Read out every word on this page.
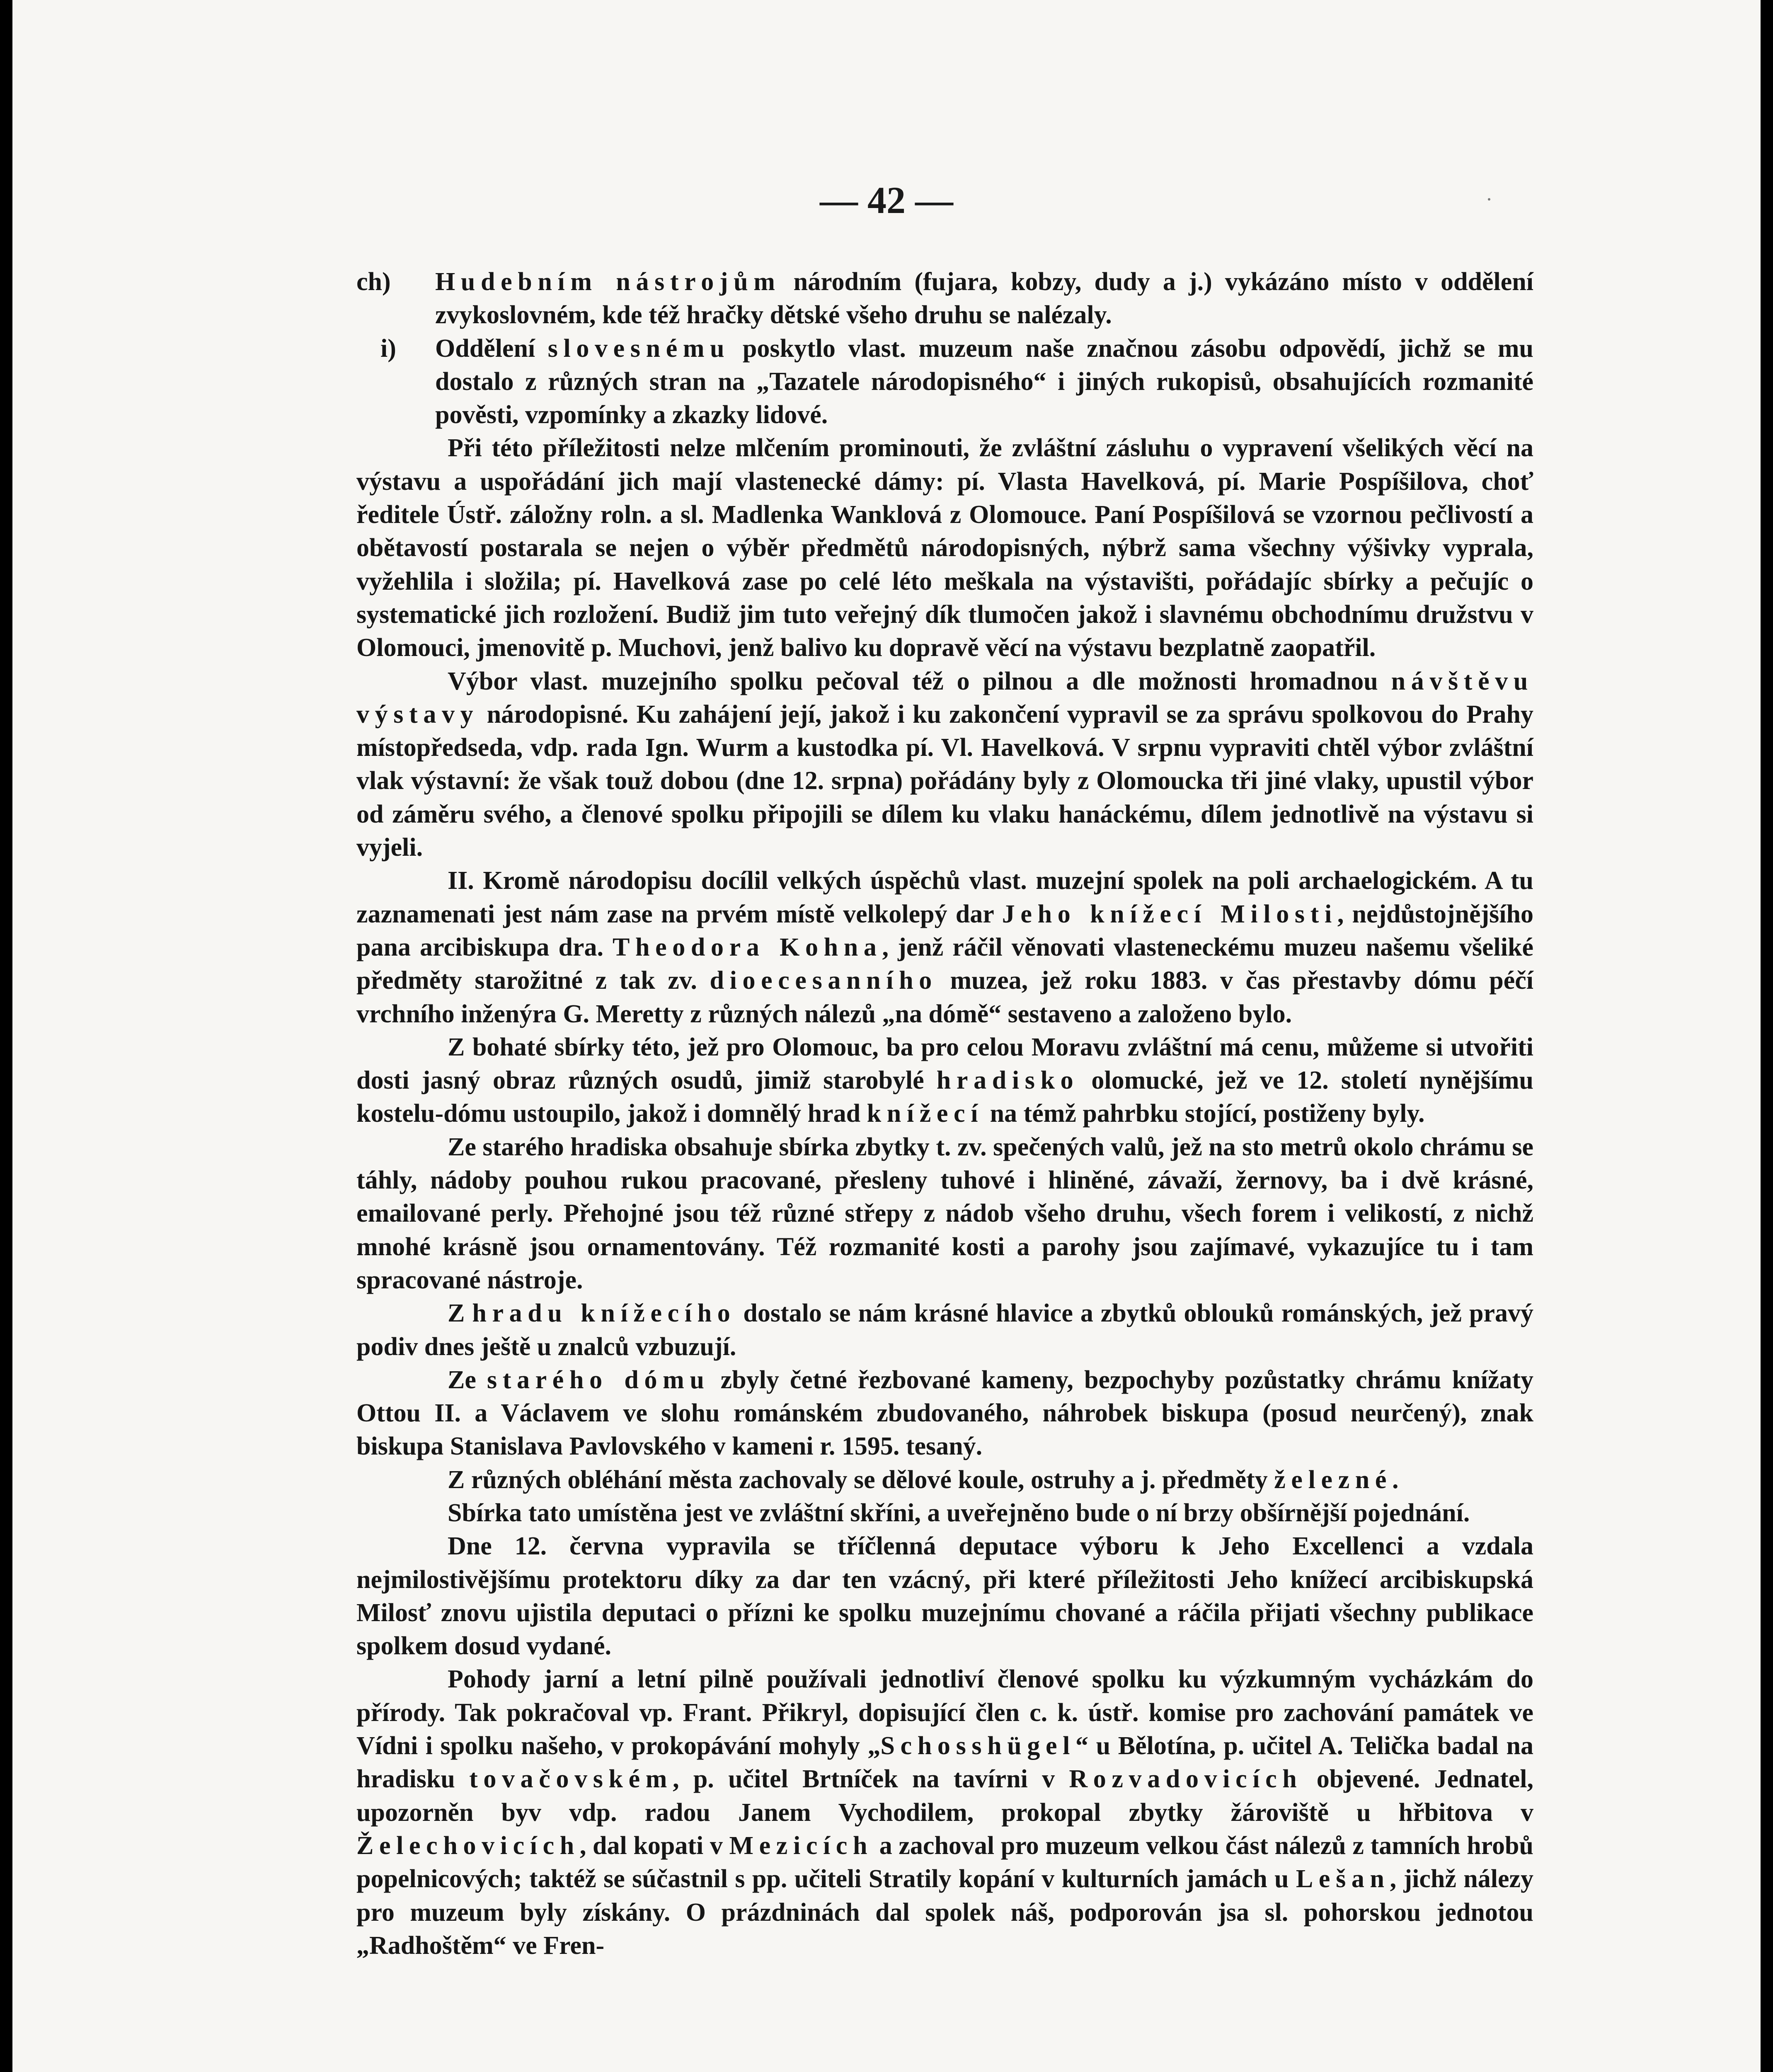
— 42 —
ch) Hudebním nástrojům národním (fujara, kobzy, dudy a j.) vykázáno místo v oddělení zvykoslovném, kde též hračky dětské všeho druhu se nalézaly.
i) Oddělení slovesnému poskytlo vlast. muzeum naše značnou zásobu odpovědí, jichž se mu dostalo z různých stran na „Tazatele národopisného“ i jiných rukopisů, obsahujících rozmanité pověsti, vzpomínky a zkazky lidové.
Při této příležitosti nelze mlčením prominouti, že zvláštní zásluhu o vypravení všelikých věcí na výstavu a uspořádání jich mají vlastenecké dámy: pí. Vlasta Havelková, pí. Marie Pospíšilova, choť ředitele Ústř. záložny roln. a sl. Madlenka Wanklová z Olomouce. Paní Pospíšilová se vzornou pečlivostí a obětavostí postarala se nejen o výběr předmětů národopisných, nýbrž sama všechny výšivky vyprala, vyžehlila i složila; pí. Havelková zase po celé léto meškala na výstavišti, pořádajíc sbírky a pečujíc o systematické jich rozložení. Budiž jim tuto veřejný dík tlumočen jakož i slavnému obchodnímu družstvu v Olomouci, jmenovitě p. Muchovi, jenž balivo ku dopravě věcí na výstavu bezplatně zaopatřil.
Výbor vlast. muzejního spolku pečoval též o pilnou a dle možnosti hromadnou návštěvu výstavy národopisné. Ku zahájení její, jakož i ku zakončení vypravil se za správu spolkovou do Prahy místopředseda, vdp. rada Ign. Wurm a kustodka pí. Vl. Havelková. V srpnu vypraviti chtěl výbor zvláštní vlak výstavní: že však touž dobou (dne 12. srpna) pořádány byly z Olomoucka tři jiné vlaky, upustil výbor od záměru svého, a členové spolku připojili se dílem ku vlaku hanáckému, dílem jednotlivě na výstavu si vyjeli.
II. Kromě národopisu docílil velkých úspěchů vlast. muzejní spolek na poli archaelogickém. A tu zaznamenati jest nám zase na prvém místě velkolepý dar Jeho knížecí Milosti, nejdůstojnějšího pana arcibiskupa dra. Theodora Kohna, jenž ráčil věnovati vlasteneckému muzeu našemu všeliké předměty starožitné z tak zv. dioecesanního muzea, jež roku 1883. v čas přestavby dómu péčí vrchního inženýra G. Meretty z různých nálezů „na dómě“ sestaveno a založeno bylo.
Z bohaté sbírky této, jež pro Olomouc, ba pro celou Moravu zvláštní má cenu, můžeme si utvořiti dosti jasný obraz různých osudů, jimiž starobylé hradisko olomucké, jež ve 12. století nynějšímu kostelu-dómu ustoupilo, jakož i domnělý hrad knížecí na témž pahrbku stojící, postiženy byly.
Ze starého hradiska obsahuje sbírka zbytky t. zv. spečených valů, jež na sto metrů okolo chrámu se táhly, nádoby pouhou rukou pracované, přesleny tuhové i hliněné, závaží, žernovy, ba i dvě krásné, emailované perly. Přehojné jsou též různé střepy z nádob všeho druhu, všech forem i velikostí, z nichž mnohé krásně jsou ornamentovány. Též rozmanité kosti a parohy jsou zajímavé, vykazujíce tu i tam spracované nástroje.
Z hradu knížecího dostalo se nám krásné hlavice a zbytků oblouků románských, jež pravý podiv dnes ještě u znalců vzbuzují.
Ze starého dómu zbyly četné řezbované kameny, bezpochyby pozůstatky chrámu knížaty Ottou II. a Václavem ve slohu románském zbudovaného, náhrobek biskupa (posud neurčený), znak biskupa Stanislava Pavlovského v kameni r. 1595. tesaný.
Z různých obléhání města zachovaly se dělové koule, ostruhy a j. předměty železné.
Sbírka tato umístěna jest ve zvláštní skříni, a uveřejněno bude o ní brzy obšírnější pojednání.
Dne 12. června vypravila se tříčlenná deputace výboru k Jeho Excellenci a vzdala nejmilostivějšímu protektoru díky za dar ten vzácný, při které příležitosti Jeho knížecí arcibiskupská Milosť znovu ujistila deputaci o přízni ke spolku muzejnímu chované a ráčila přijati všechny publikace spolkem dosud vydané.
Pohody jarní a letní pilně používali jednotliví členové spolku ku výzkumným vycházkám do přírody. Tak pokračoval vp. Frant. Přikryl, dopisující člen c. k. ústř. komise pro zachování památek ve Vídni i spolku našeho, v prokopávání mohyly „Schosshügel“ u Bělotína, p. učitel A. Telička badal na hradisku tovačovském, p. učitel Brtníček na tavírni v Rozvadovicích objevené. Jednatel, upozorněn byv vdp. radou Janem Vychodilem, prokopal zbytky žároviště u hřbitova v Želechovicích, dal kopati v Mezicích a zachoval pro muzeum velkou část nálezů z tamních hrobů popelnicových; taktéž se súčastnil s pp. učiteli Stratily kopání v kulturních jamách u Lešan, jichž nálezy pro muzeum byly získány. O prázdninách dal spolek náš, podporován jsa sl. pohorskou jednotou „Radhoštěm“ ve Fren-
